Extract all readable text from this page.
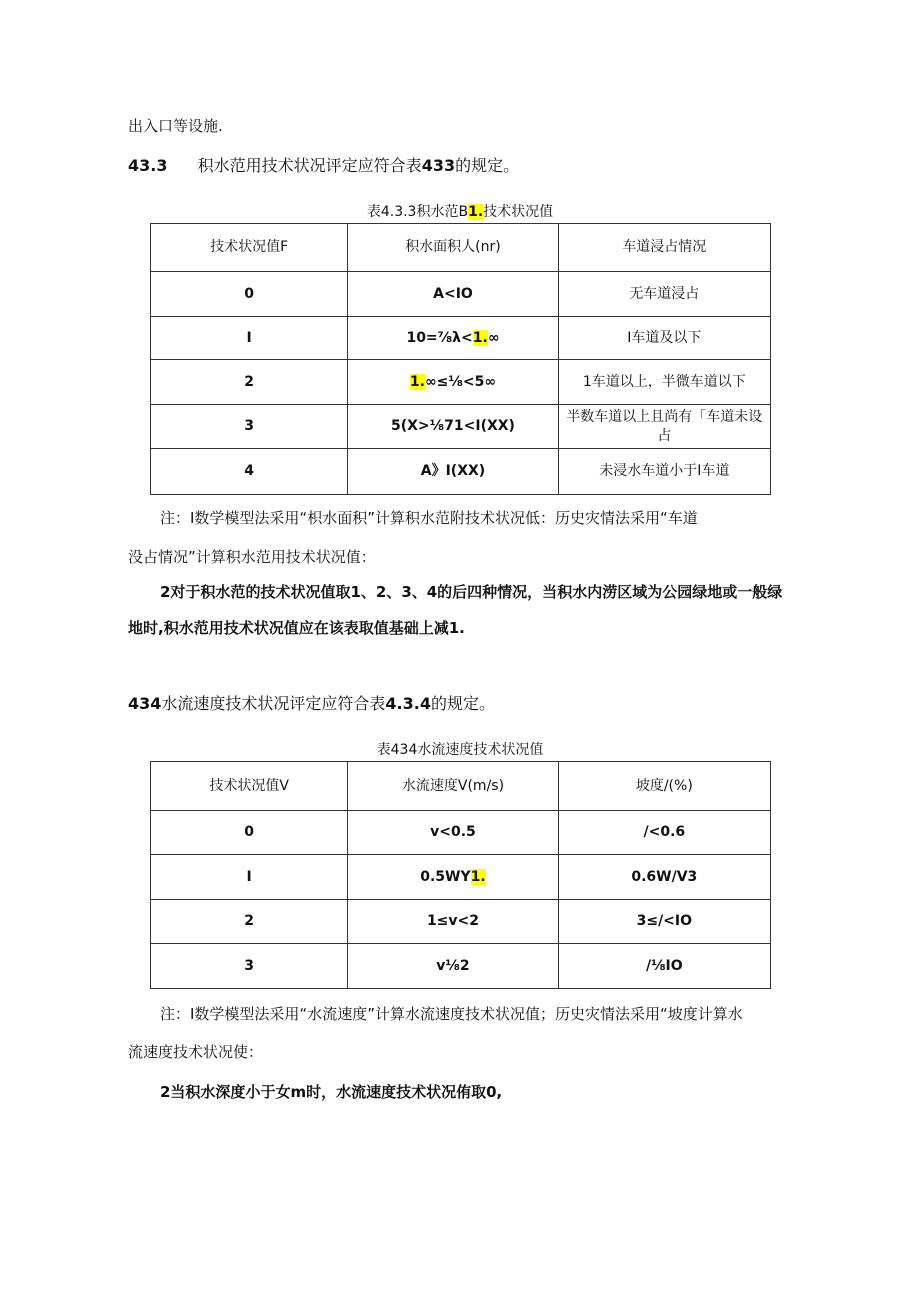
出入口等设施.
43.3 积水范用技术状况评定应符合表433的规定。
表4.3.3积水范B1.技术状况值
技术状况值F	积水面积人(nr)	车道浸占情况
0	A<IO	无车道浸占
I	10=⅞λ<1.∞	I车道及以下
2	1.∞≤⅛<5∞	1车道以上，半微车道以下
3	5(X>⅛71<I(XX)	半数车道以上且尚有「车道未设占
4	A》I(XX)	未浸水车道小于I车道
注：I数学模型法采用“枳水面积”计算积水范附技术状况低：历史灾情法采用“车道
没占情况”计算积水范用技术状况值：
2对于积水范的技术状况值取1、2、3、4的后四种情况，当积水内涝区域为公园绿地或一般绿
地时,积水范用技术状况值应在该表取值基础上减1.
434水流速度技术状况评定应符合表4.3.4的规定。
表434水流速度技术状况值
技术状况值V	水流速度V(m/s)	坡度/(%)
0	v<0.5	/<0.6
I	0.5WY1.	0.6W/V3
2	1≤v<2	3≤/<IO
3	v⅛2	/⅛IO
注：I数学模型法采用“水流速度”计算水流速度技术状况值；历史灾情法采用“坡度计算水
流速度技术状况使：
2当积水深度小于女m时，水流速度技术状况侑取0,
